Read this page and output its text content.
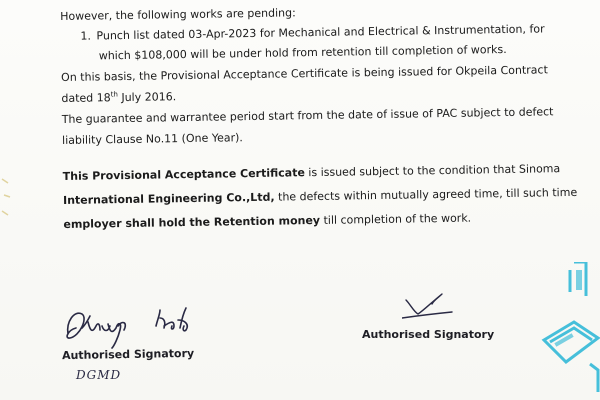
However, the following works are pending:

1. Punch list dated 03-Apr-2023 for Mechanical and Electrical & Instrumentation, for

which $108,000 will be under hold from retention till completion of works.

On this basis, the Provisional Acceptance Certificate is being issued for Okpeila Contract

dated 18th July 2016.

The guarantee and warrantee period start from the date of issue of PAC subject to defect

liability Clause No.11 (One Year).

This Provisional Acceptance Certificate is issued subject to the condition that Sinoma

International Engineering Co.,Ltd, the defects within mutually agreed time, till such time

employer shall hold the Retention money till completion of the work.

Authorised Signatory
DGMD
Authorised Signatory
